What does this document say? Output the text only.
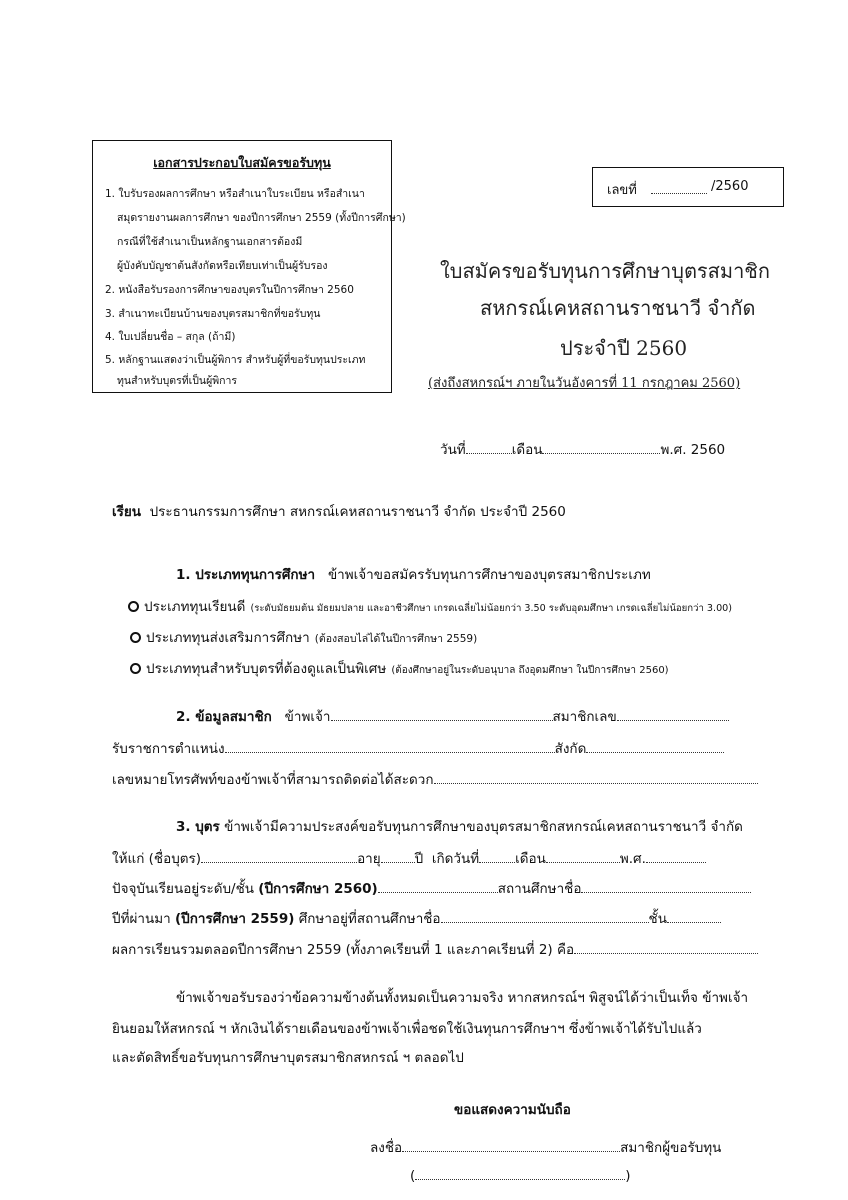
เอกสารประกอบใบสมัครขอรับทุน
1. ใบรับรองผลการศึกษา หรือสำเนาใบระเบียน หรือสำเนา
สมุดรายงานผลการศึกษา ของปีการศึกษา 2559 (ทั้งปีการศึกษา)
กรณีที่ใช้สำเนาเป็นหลักฐานเอกสารต้องมี
ผู้บังคับบัญชาต้นสังกัดหรือเทียบเท่าเป็นผู้รับรอง
2. หนังสือรับรองการศึกษาของบุตรในปีการศึกษา 2560
3. สำเนาทะเบียนบ้านของบุตรสมาชิกที่ขอรับทุน
4. ใบเปลี่ยนชื่อ – สกุล (ถ้ามี)
5. หลักฐานแสดงว่าเป็นผู้พิการ สำหรับผู้ที่ขอรับทุนประเภท
ทุนสำหรับบุตรที่เป็นผู้พิการ
เลขที่	/2560
ใบสมัครขอรับทุนการศึกษาบุตรสมาชิก
สหกรณ์เคหสถานราชนาวี จำกัด
ประจำปี 2560
(ส่งถึงสหกรณ์ฯ ภายในวันอังคารที่ 11 กรกฎาคม 2560)
วันที่	เดือน	พ.ศ. 2560
เรียน ประธานกรรมการศึกษา สหกรณ์เคหสถานราชนาวี จำกัด ประจำปี 2560
1. ประเภททุนการศึกษา ข้าพเจ้าขอสมัครรับทุนการศึกษาของบุตรสมาชิกประเภท
ประเภททุนเรียนดี (ระดับมัธยมต้น มัธยมปลาย และอาชีวศึกษา เกรดเฉลี่ยไม่น้อยกว่า 3.50 ระดับอุดมศึกษา เกรดเฉลี่ยไม่น้อยกว่า 3.00)
ประเภททุนส่งเสริมการศึกษา (ต้องสอบไล่ได้ในปีการศึกษา 2559)
ประเภททุนสำหรับบุตรที่ต้องดูแลเป็นพิเศษ (ต้องศึกษาอยู่ในระดับอนุบาล ถึงอุดมศึกษา ในปีการศึกษา 2560)
2. ข้อมูลสมาชิก ข้าพเจ้า	สมาชิกเลข
รับราชการตำแหน่ง	สังกัด
เลขหมายโทรศัพท์ของข้าพเจ้าที่สามารถติดต่อได้สะดวก
3. บุตร ข้าพเจ้ามีความประสงค์ขอรับทุนการศึกษาของบุตรสมาชิกสหกรณ์เคหสถานราชนาวี จำกัด
ให้แก่ (ชื่อบุตร)	อายุ	ปี เกิดวันที่	เดือน	พ.ศ.
ปัจจุบันเรียนอยู่ระดับ/ชั้น (ปีการศึกษา 2560)	สถานศึกษาชื่อ
ปีที่ผ่านมา (ปีการศึกษา 2559) ศึกษาอยู่ที่สถานศึกษาชื่อ	ชั้น
ผลการเรียนรวมตลอดปีการศึกษา 2559 (ทั้งภาคเรียนที่ 1 และภาคเรียนที่ 2) คือ
ข้าพเจ้าขอรับรองว่าข้อความข้างต้นทั้งหมดเป็นความจริง หากสหกรณ์ฯ พิสูจน์ได้ว่าเป็นเท็จ ข้าพเจ้า
ยินยอมให้สหกรณ์ ฯ หักเงินได้รายเดือนของข้าพเจ้าเพื่อชดใช้เงินทุนการศึกษาฯ ซึ่งข้าพเจ้าได้รับไปแล้ว
และตัดสิทธิ์ขอรับทุนการศึกษาบุตรสมาชิกสหกรณ์ ฯ ตลอดไป
ขอแสดงความนับถือ
ลงชื่อ	สมาชิกผู้ขอรับทุน
(	)
